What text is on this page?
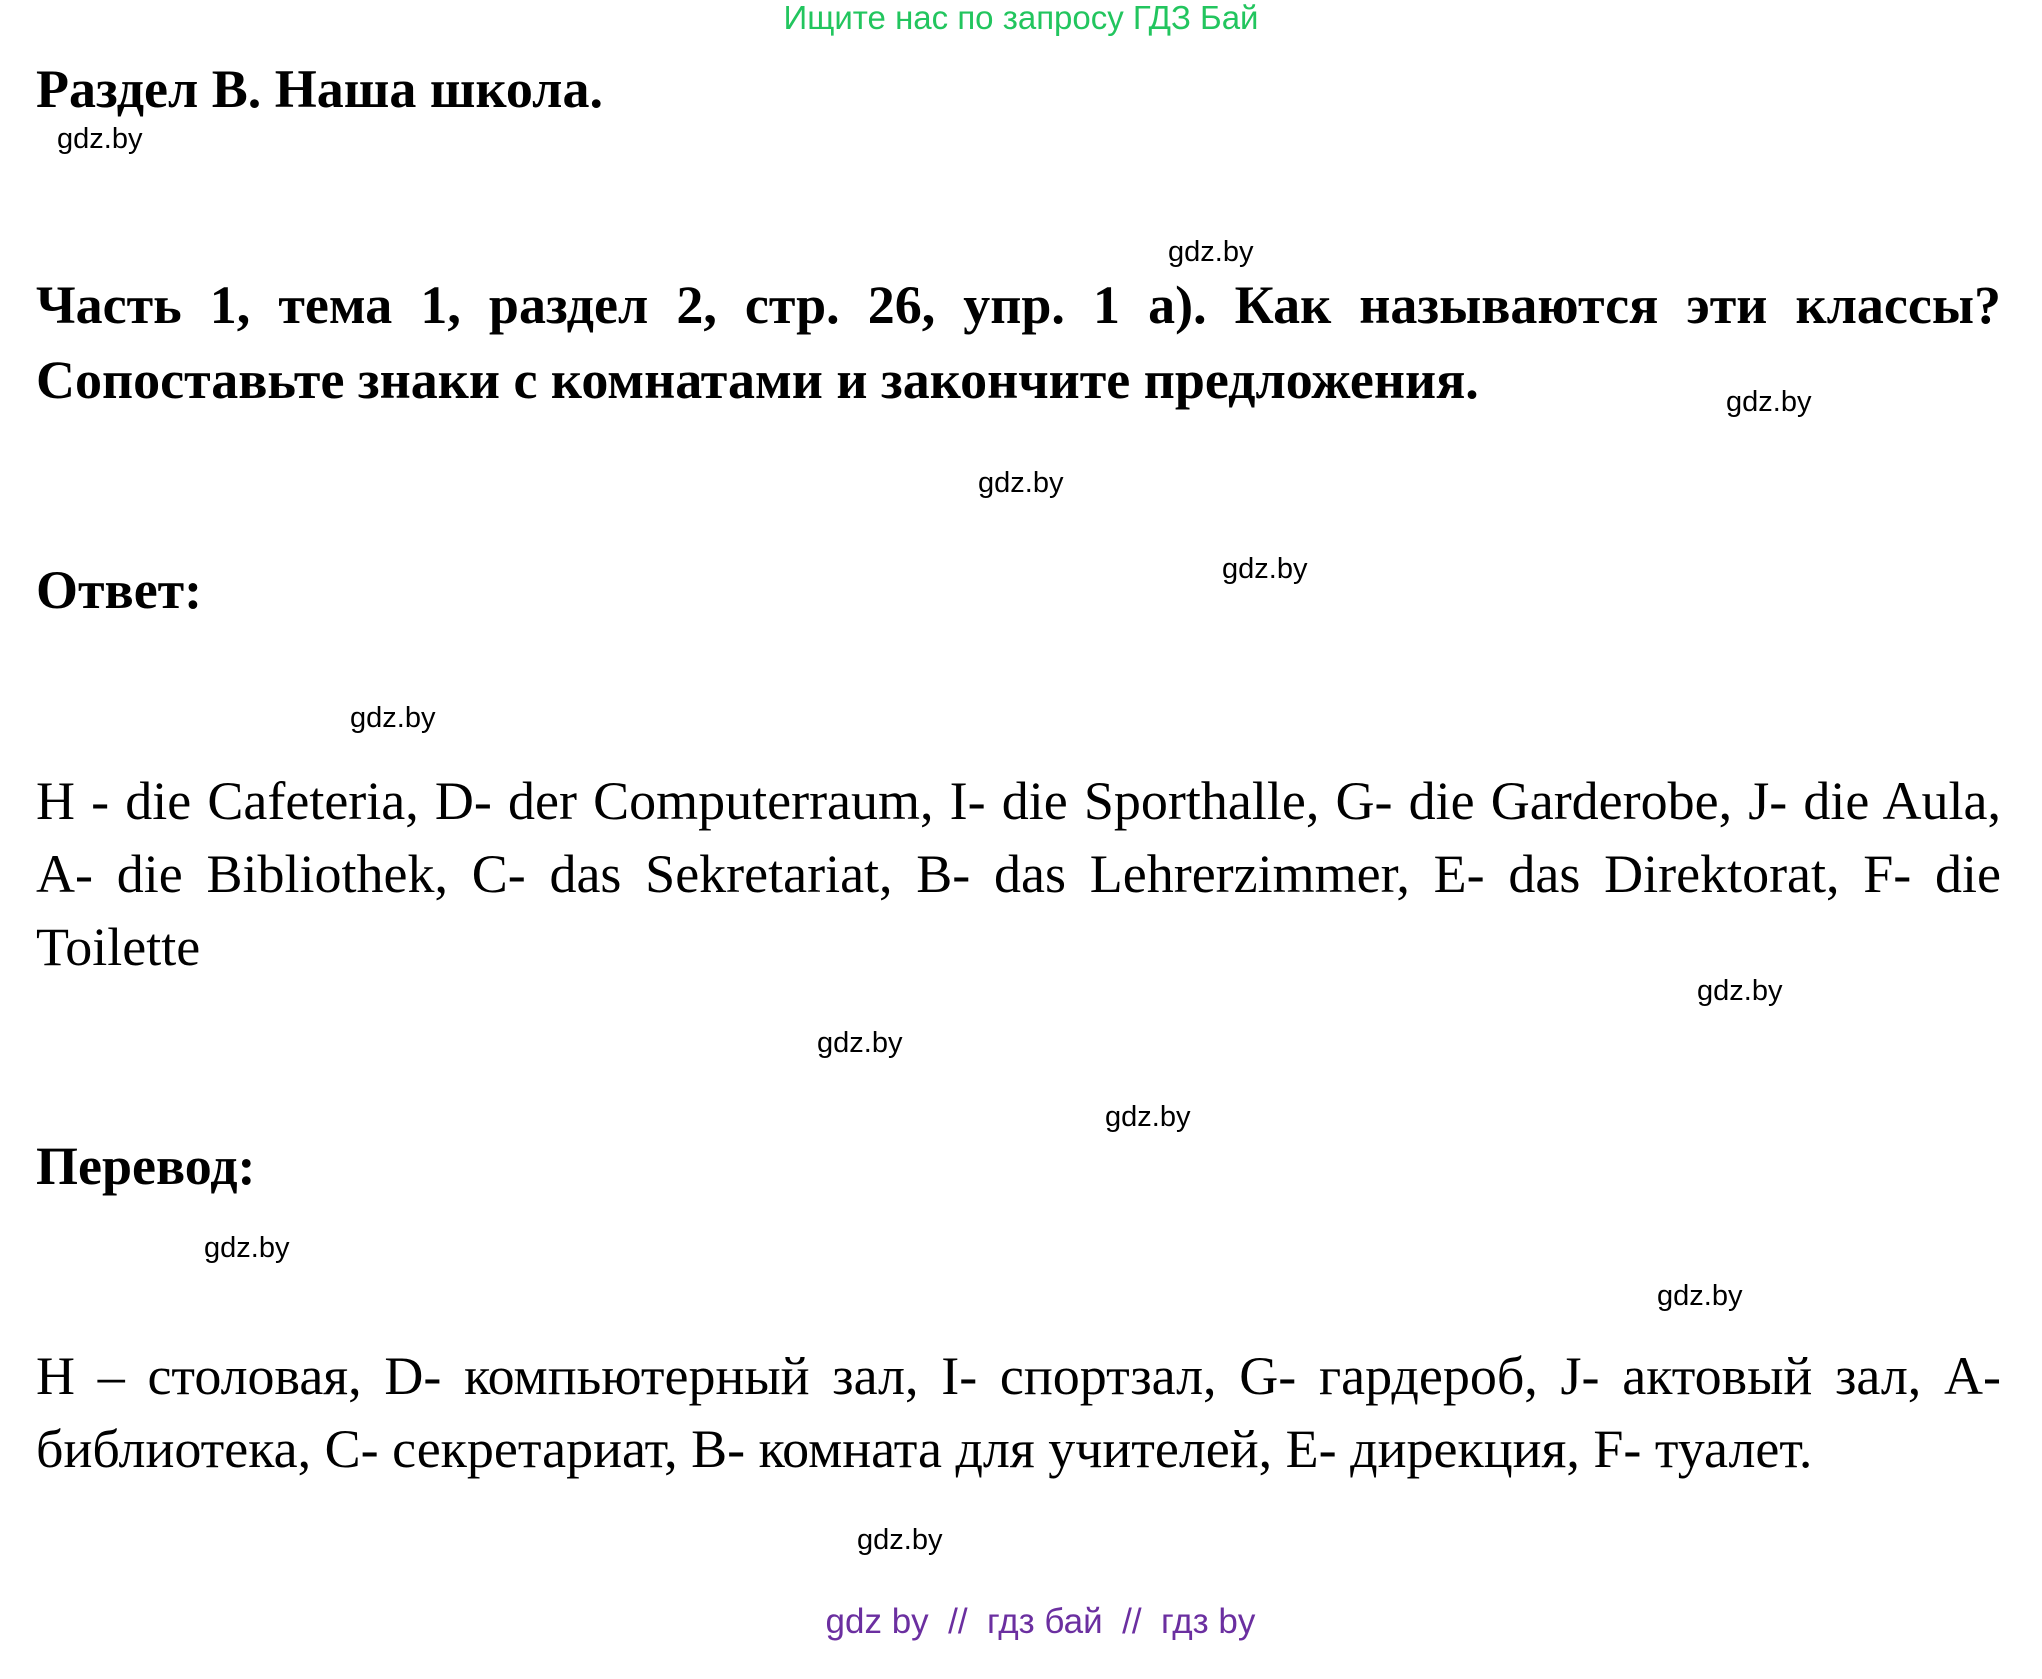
Ищите нас по запросу ГДЗ Бай
Раздел B. Наша школа.
Часть 1, тема 1, раздел 2, стр. 26, упр. 1 а). Как называются эти классы? Сопоставьте знаки с комнатами и закончите предложения.
Ответ:

H - die Cafeteria, D- der Computerraum, I- die Sporthalle, G- die Garderobe, J- die Aula, A- die Bibliothek, C- das Sekretariat, B- das Lehrerzimmer, E- das Direktorat, F- die Toilette

Перевод:

H – столовая, D- компьютерный зал, I- спортзал, G- гардероб, J- актовый зал, A- библиотека, C- секретариат, B- комната для учителей, E- дирекция, F- туалет.

gdz.by
gdz.by
gdz.by
gdz.by
gdz.by
gdz.by
gdz.by
gdz.by
gdz.by
gdz.by
gdz.by
gdz.by

gdz by  //  гдз бай  //  гдз by
